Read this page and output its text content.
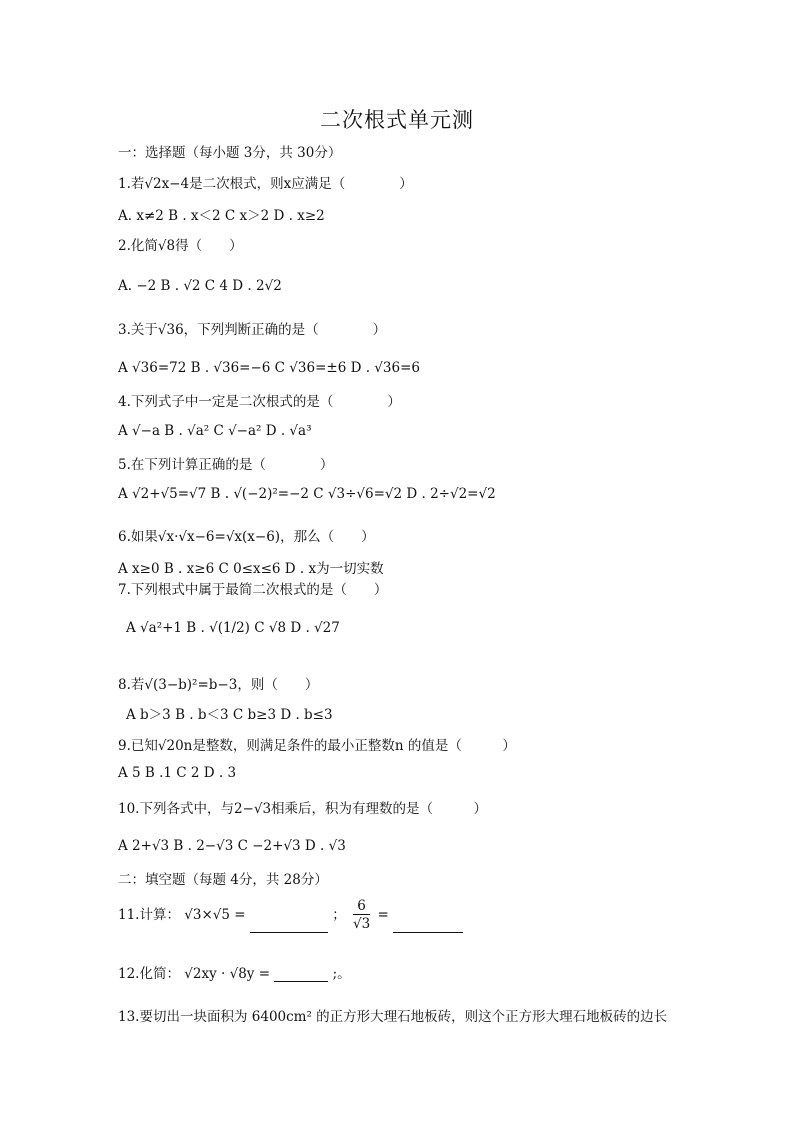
二次根式单元测
一：选择题（每小题 3分，共 30分）
1.若√2x−4是二次根式，则x应满足（　　　　）
A. x≠2 B . x＜2 C x＞2 D . x≥2
2.化简√8得（　　）
A. −2 B . √2 C 4 D . 2√2
3.关于√36，下列判断正确的是（　　　　）
A √36=72 B . √36=−6 C √36=±6 D . √36=6
4.下列式子中一定是二次根式的是（　　　　）
A √−a B . √a² C √−a² D . √a³
5.在下列计算正确的是（　　　　）
A √2+√5=√7 B . √(−2)²=−2 C √3÷√6=√2 D . 2÷√2=√2
6.如果√x·√x−6=√x(x−6)，那么（　　）
A x≥0 B . x≥6 C 0≤x≤6 D . x为一切实数
7.下列根式中属于最简二次根式的是（　　）
A √a²+1 B . √(1/2) C √8 D . √27
8.若√(3−b)²=b−3，则（　　）
A b＞3 B . b＜3 C b≥3 D . b≤3
9.已知√20n是整数，则满足条件的最小正整数n 的值是（　　　）
A 5 B .1 C 2 D . 3
10.下列各式中，与2−√3相乘后，积为有理数的是（　　　）
A 2+√3 B . 2−√3 C −2+√3 D . √3
二：填空题（每题 4分，共 28分）
11.计算： √3×√5 =	； $\frac{6}{√3}$ =
12.化简： √2xy · √8y =	;。
13.要切出一块面积为 6400cm² 的正方形大理石地板砖，则这个正方形大理石地板砖的边长
